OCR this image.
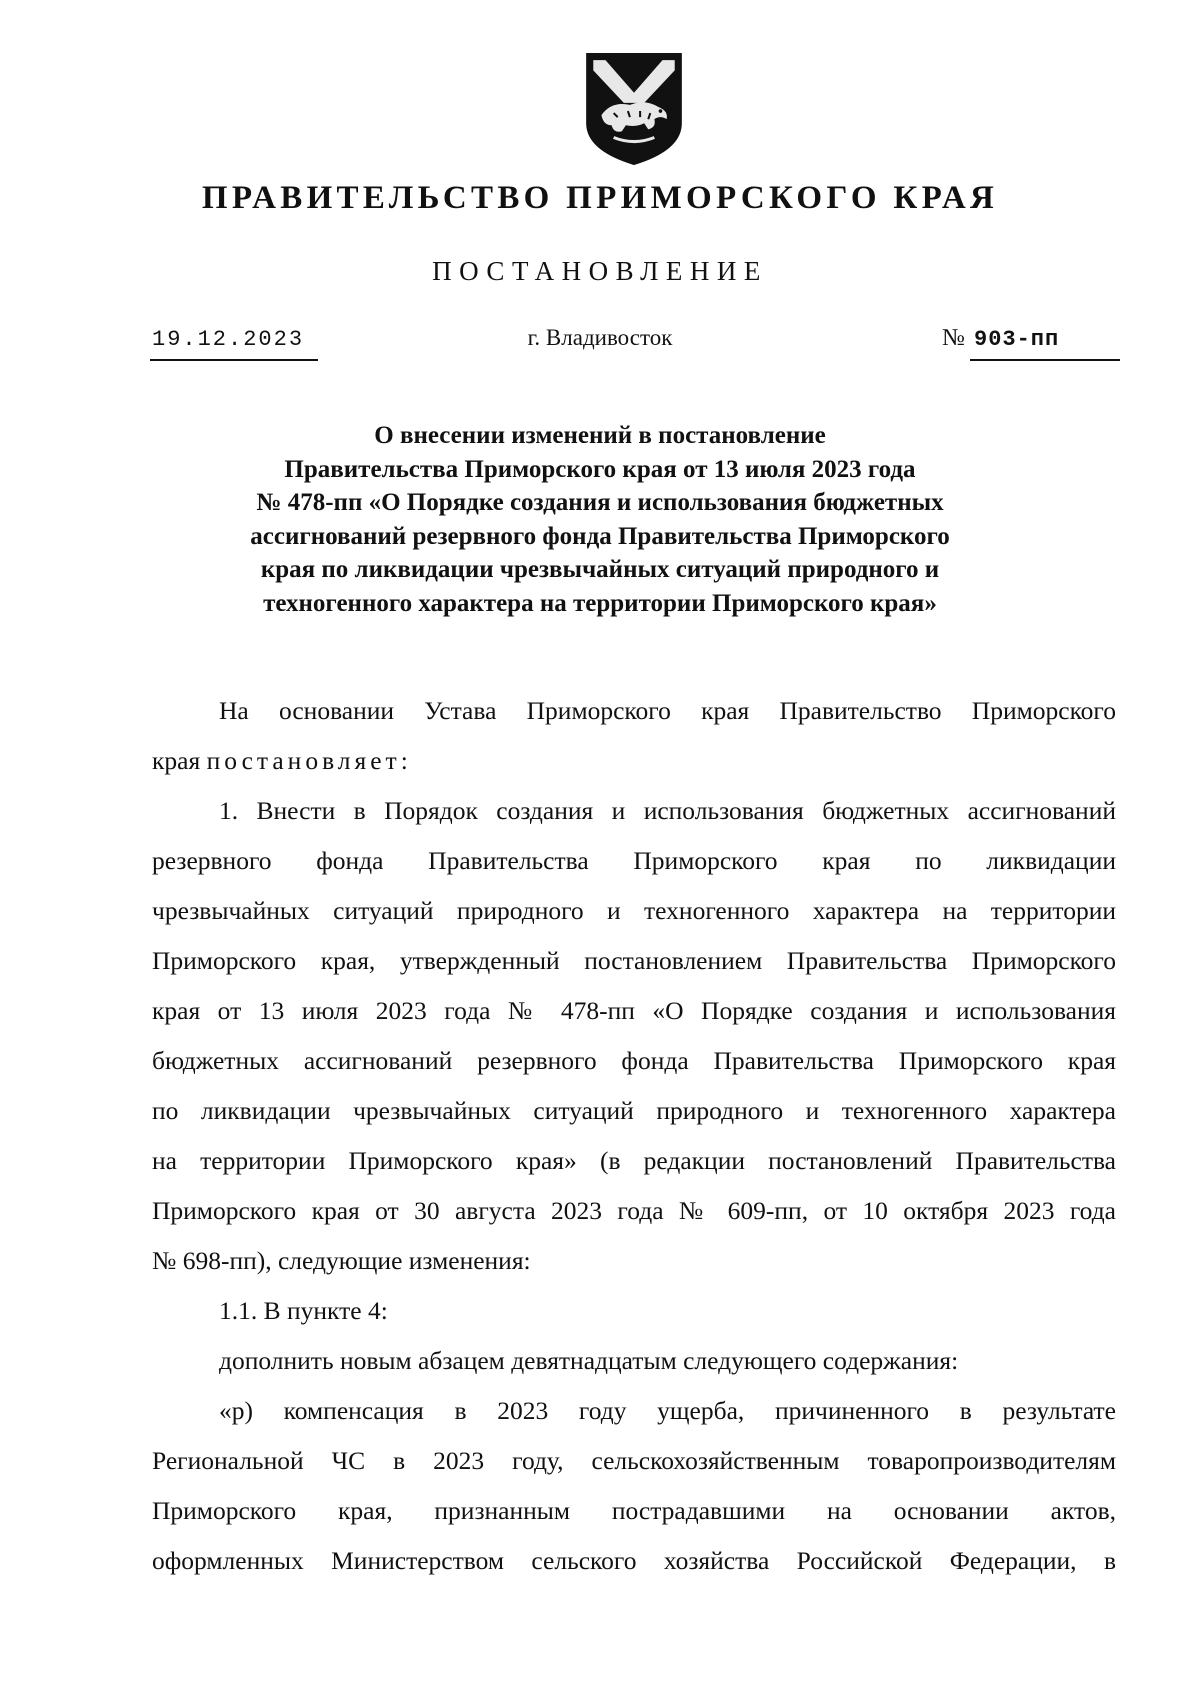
ПРАВИТЕЛЬСТВО ПРИМОРСКОГО КРАЯ
ПОСТАНОВЛЕНИЕ
19.12.2023	г. Владивосток	№ 903-пп
О внесении изменений в постановление
Правительства Приморского края от 13 июля 2023 года
№ 478-пп «О Порядке создания и использования бюджетных
ассигнований резервного фонда Правительства Приморского
края по ликвидации чрезвычайных ситуаций природного и
техногенного характера на территории Приморского края»
На основании Устава Приморского края Правительство Приморского
края постановляет:
1. Внести в Порядок создания и использования бюджетных ассигнований
резервного фонда Правительства Приморского края по ликвидации
чрезвычайных ситуаций природного и техногенного характера на территории
Приморского края, утвержденный постановлением Правительства Приморского
края от 13 июля 2023 года № 478-пп «О Порядке создания и использования
бюджетных ассигнований резервного фонда Правительства Приморского края
по ликвидации чрезвычайных ситуаций природного и техногенного характера
на территории Приморского края» (в редакции постановлений Правительства
Приморского края от 30 августа 2023 года № 609-пп, от 10 октября 2023 года
№ 698-пп), следующие изменения:
1.1. В пункте 4:
дополнить новым абзацем девятнадцатым следующего содержания:
«р) компенсация в 2023 году ущерба, причиненного в результате
Региональной ЧС в 2023 году, сельскохозяйственным товаропроизводителям
Приморского края, признанным пострадавшими на основании актов,
оформленных Министерством сельского хозяйства Российской Федерации, в
